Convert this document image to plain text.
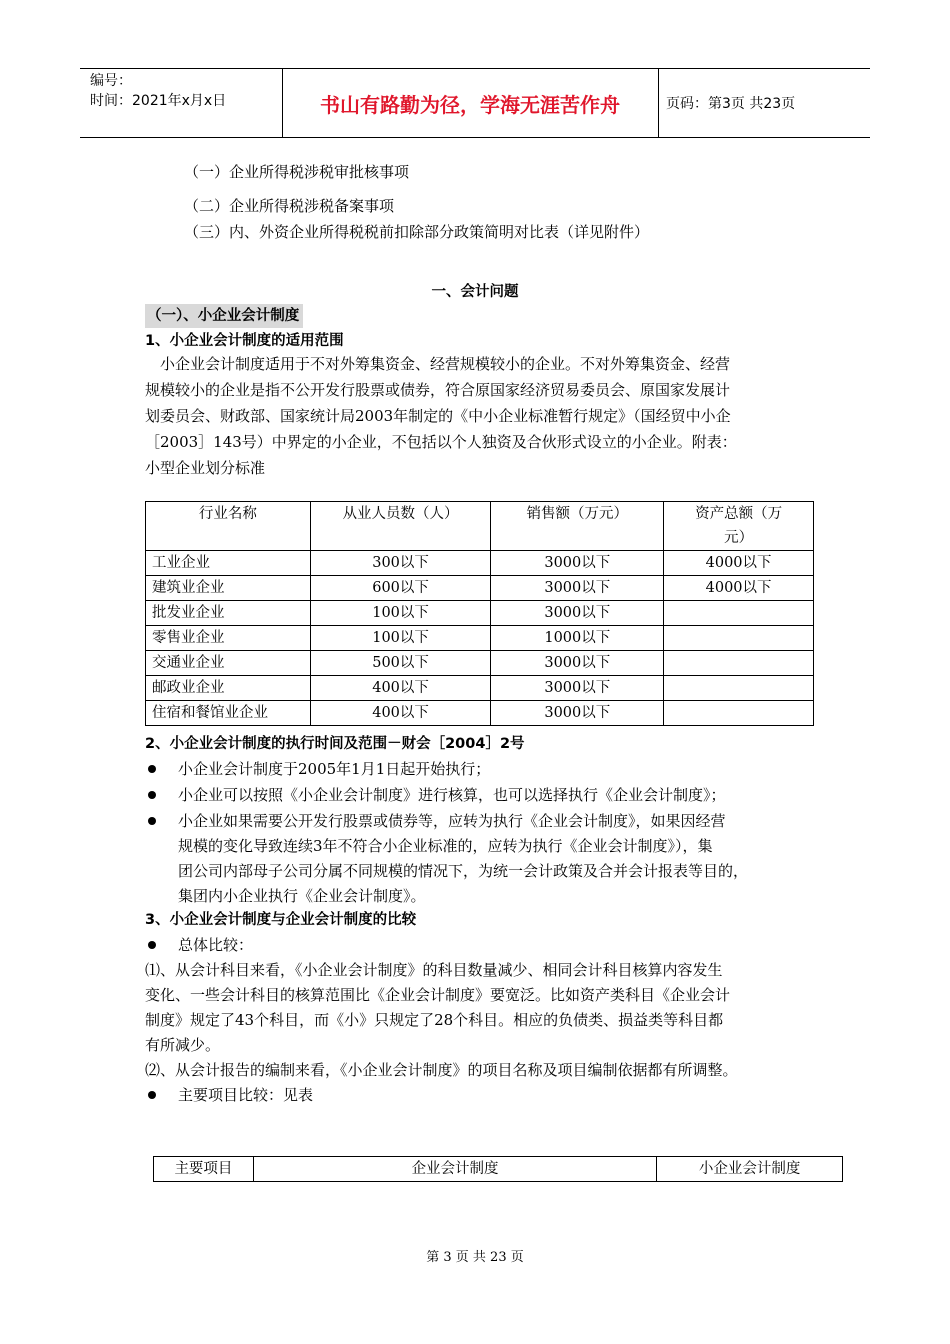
编号：
时间：2021年x月x日	书山有路勤为径，学海无涯苦作舟	页码：第3页 共23页
（一）企业所得税涉税审批核事项
（二）企业所得税涉税备案事项
（三）内、外资企业所得税税前扣除部分政策简明对比表（详见附件）
一、会计问题
（一）、小企业会计制度
1、小企业会计制度的适用范围
小企业会计制度适用于不对外筹集资金、经营规模较小的企业。不对外筹集资金、经营
规模较小的企业是指不公开发行股票或债券，符合原国家经济贸易委员会、原国家发展计
划委员会、财政部、国家统计局2003年制定的《中小企业标准暂行规定》（国经贸中小企
［2003］143号）中界定的小企业，不包括以个人独资及合伙形式设立的小企业。附表：
小型企业划分标准
行业名称	从业人员数（人）	销售额（万元）	资产总额（万
元）
工业企业	300以下	3000以下	4000以下
建筑业企业	600以下	3000以下	4000以下
批发业企业	100以下	3000以下	
零售业企业	100以下	1000以下	
交通业企业	500以下	3000以下	
邮政业企业	400以下	3000以下	
住宿和餐馆业企业	400以下	3000以下	
2、小企业会计制度的执行时间及范围－财会［2004］2号
小企业会计制度于2005年1月1日起开始执行；
小企业可以按照《小企业会计制度》进行核算，也可以选择执行《企业会计制度》；
小企业如果需要公开发行股票或债券等，应转为执行《企业会计制度》，如果因经营
规模的变化导致连续3年不符合小企业标准的，应转为执行《企业会计制度》），集
团公司内部母子公司分属不同规模的情况下，为统一会计政策及合并会计报表等目的，
集团内小企业执行《企业会计制度》。
3、小企业会计制度与企业会计制度的比较
总体比较：
⑴、从会计科目来看，《小企业会计制度》的科目数量减少、相同会计科目核算内容发生
变化、一些会计科目的核算范围比《企业会计制度》要宽泛。比如资产类科目《企业会计
制度》规定了43个科目，而《小》只规定了28个科目。相应的负债类、损益类等科目都
有所减少。
⑵、从会计报告的编制来看，《小企业会计制度》的项目名称及项目编制依据都有所调整。
主要项目比较：见表
主要项目	企业会计制度	小企业会计制度
第 3 页 共 23 页
